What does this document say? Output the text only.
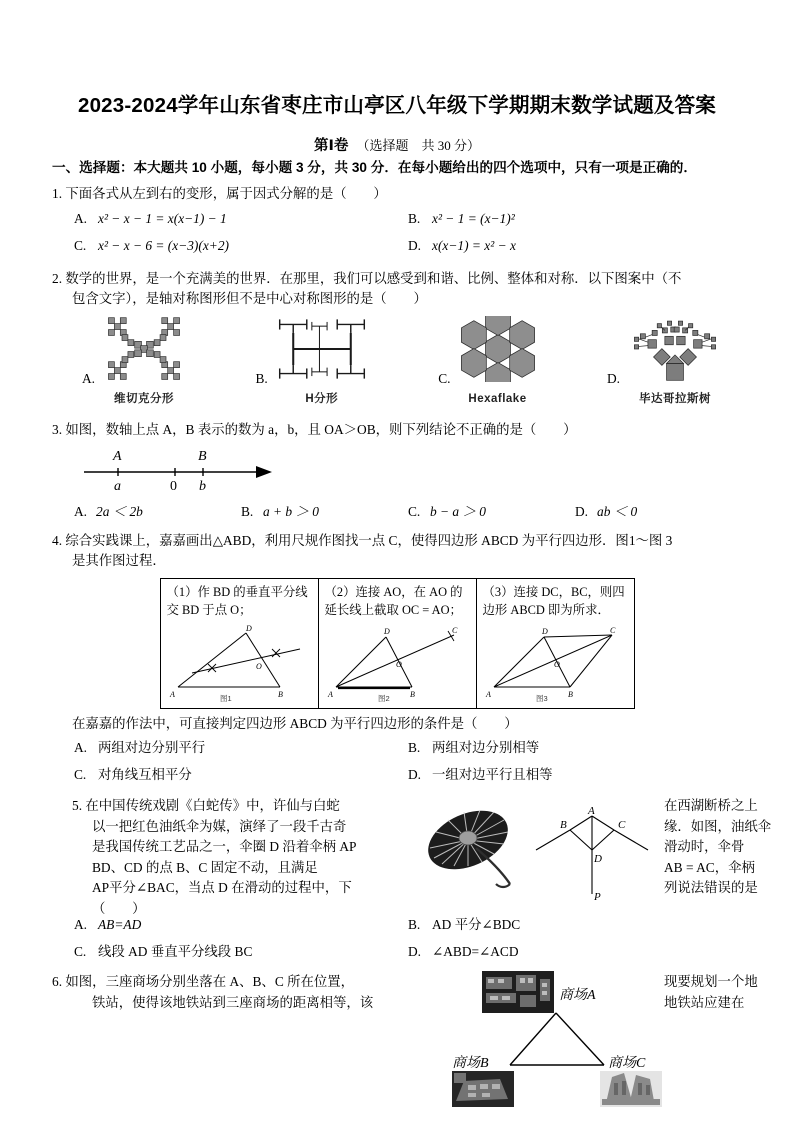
2023-2024学年山东省枣庄市山亭区八年级下学期期末数学试题及答案
第Ⅰ卷 （选择题　共 30 分）
一、选择题：本大题共 10 小题，每小题 3 分，共 30 分．在每小题给出的四个选项中，只有一项是正确的．
1. 下面各式从左到右的变形，属于因式分解的是（　　）
A. x² − x − 1 = x(x−1) − 1	B. x² − 1 = (x−1)²
C. x² − x − 6 = (x−3)(x+2)	D. x(x−1) = x² − x
2. 数学的世界，是一个充满美的世界．在那里，我们可以感受到和谐、比例、整体和对称．以下图案中（不
包含文字），是轴对称图形但不是中心对称图形的是（　　）
A.
维切克分形
B.
H分形
C.
Hexaflake
D.
毕达哥拉斯树
3. 如图，数轴上点 A，B 表示的数为 a，b，且 OA＞OB，则下列结论不正确的是（　　）
A	B
a	0 b
A. 2a ＜ 2b	B. a + b ＞ 0	C. b − a ＞ 0	D. ab ＜ 0
4. 综合实践课上，嘉嘉画出△ABD，利用尺规作图找一点 C，使得四边形 ABCD 为平行四边形．图1～图 3
是其作图过程．
（1）作 BD 的垂直平分线交 BD 于点 O；
A	B
D
O
图1

（2）连接 AO，在 AO 的延长线上截取 OC = AO；
A	B
D	C
O
图2

（3）连接 DC，BC，则四边形 ABCD 即为所求．
A	B
D	C
O
图3
在嘉嘉的作法中，可直接判定四边形 ABCD 为平行四边形的条件是（　　）
A. 两组对边分别平行	B. 两组对边分别相等
C. 对角线互相平分	D. 一组对边平行且相等
5. 在中国传统戏剧《白蛇传》中，许仙与白蛇
以一把红色油纸伞为媒，演绎了一段千古奇
是我国传统工艺品之一，伞圈 D 沿着伞柄 AP
BD、CD 的点 B、C 固定不动，且满足
AP平分∠BAC，当点 D 在滑动的过程中，下
（　　）
A
B	C
D
P
在西湖断桥之上
缘．如图，油纸伞
滑动时，伞骨
AB = AC，伞柄
列说法错误的是
A. AB=AD	B. AD 平分∠BDC
C. 线段 AD 垂直平分线段 BC	D. ∠ABD=∠ACD
6. 如图，三座商场分别坐落在 A、B、C 所在位置，
铁站，使得该地铁站到三座商场的距离相等，该
现要规划一个地
地铁站应建在
商场A
商场B	商场C
